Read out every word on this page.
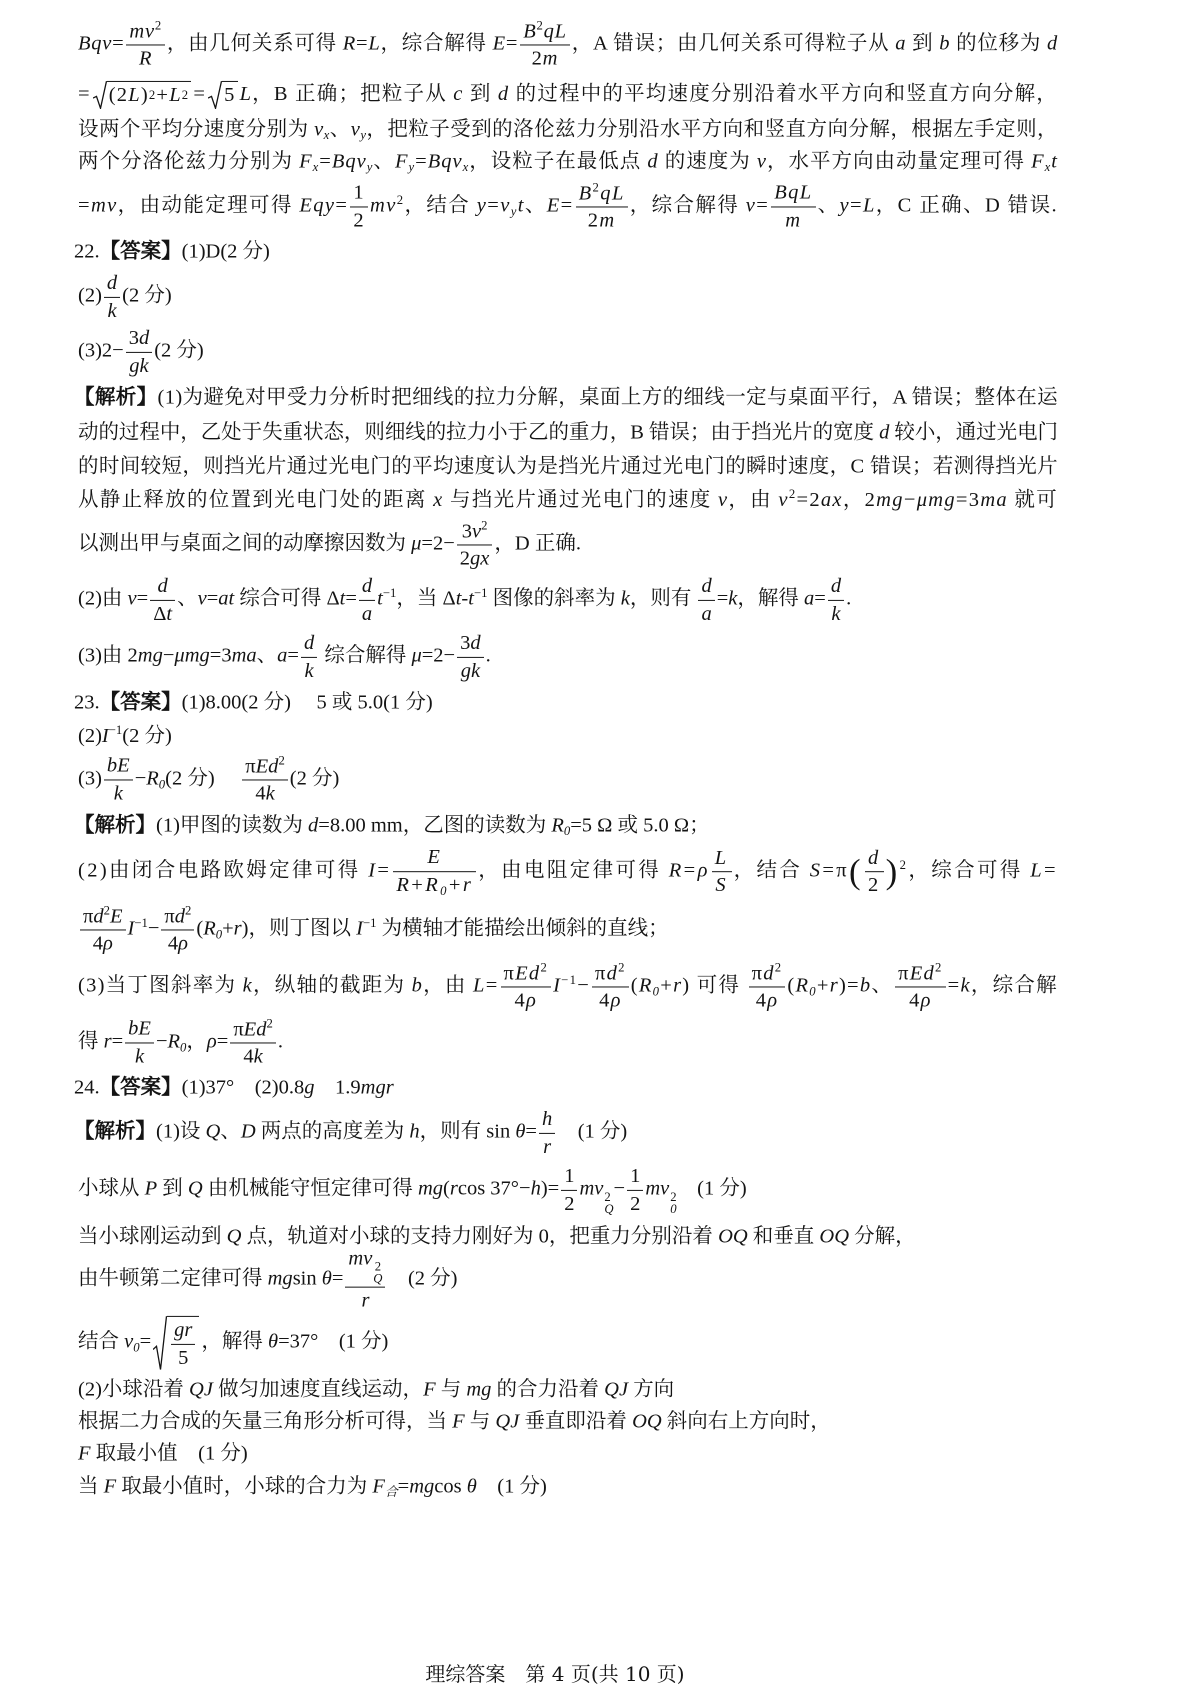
理综答案　第 4 页(共 10 页)
$Bqv= \frac{mv^2}{R}$ ，由几何关系可得 R=L，综合解得 $E= \frac{B^2qL}{2m}$ ，A 错误；由几何关系可得粒子从 a 到 b 的位移为 d
= (2 L ) 2 + L 2 = 5 L，B 正确；把粒子从 c 到 d 的过程中的平均速度分别沿着水平方向和竖直方向分解，
设两个平均分速度分别为 $v_x$、$v_y$，把粒子受到的洛伦兹力分别沿水平方向和竖直方向分解，根据左手定则，
两个分洛伦兹力分别为 $F_x=Bqv_y$、$F_y=Bqv_x$，设粒子在最低点 d 的速度为 v，水平方向由动量定理可得 $F_xt$
=mv，由动能定理可得 $Eqy= \frac{1}{2} mv^2$，结合 $y=v_yt$、$E= \frac{B^2qL}{2m}$ ，综合解得 $v= \frac{\text{BqL}}{m}$ 、y=L，C 正确、D 错误.
22.【答案】(1)D(2 分)
$(2) \frac{d}{k} (2$ 分)
$(3)2- \frac{3d}{gk} (2$ 分)
【解析】(1)为避免对甲受力分析时把细线的拉力分解，桌面上方的细线一定与桌面平行，A 错误；整体在运
动的过程中，乙处于失重状态，则细线的拉力小于乙的重力，B 错误；由于挡光片的宽度 d 较小，通过光电门
的时间较短，则挡光片通过光电门的平均速度认为是挡光片通过光电门的瞬时速度，C 错误；若测得挡光片
从静止释放的位置到光电门处的距离 x 与挡光片通过光电门的速度 v，由 $v^2=2ax$，2mg−μmg=3ma 就可
以测出甲与桌面之间的动摩擦因数为 $\mu=2- \frac{3v^2}{2gx}$ ，D 正确.
(2)由 $v= \frac{d}{\Delta t}$ 、v=at 综合可得 $\Delta t= \frac{d}{a} t^{-1}$，当 $\Delta t-t^{-1}$ 图像的斜率为 k，则有 $\frac{d}{a} =k$，解得 $a= \frac{d}{k}$ .
(3)由 2mg−μmg=3ma、$a= \frac{d}{k}$ 综合解得 $\mu=2- \frac{3d}{gk}$ .
23.【答案】(1)8.00(2 分)　 5 或 5.0(1 分)
$(2)I^{-1}(2$ 分)
$(3) \frac{bE}{k} -R_0(2$ 分)　 $\frac{\pi Ed^2}{4k} (2$ 分)
【解析】(1)甲图的读数为 d=8.00 mm，乙图的读数为 $R_0=5$ Ω 或 5.0 Ω；
(2)由闭合电路欧姆定律可得 $I= \frac{E}{R+R_0+r}$ ，由电阻定律可得 $R=\rho \frac{L}{S}$ ，结合 $S=\pi( \frac{d}{2} )^2$，综合可得 L=
$\frac{\pi d^2E}{4\rho} I^{-1}- \frac{\pi d^2}{4\rho} (R_0+r)$，则丁图以 $I^{-1}$ 为横轴才能描绘出倾斜的直线；
(3)当丁图斜率为 k，纵轴的截距为 b，由 $L= \frac{\pi Ed^2}{4\rho} I^{-1}- \frac{\pi d^2}{4\rho} (R_0+r)$ 可得 $\frac{\pi d^2}{4\rho} (R_0+r)=b$、 $\frac{\pi Ed^2}{4\rho} =k$，综合解
得 $r= \frac{bE}{k} -R_0$，$\rho= \frac{\pi Ed^2}{4k}$ .
24.【答案】(1)37°　(2)0.8g　1.9mgr
【解析】(1)设 Q、D 两点的高度差为 h，则有 $\sin \theta= \frac{h}{r}$ 　(1 分)
小球从 P 到 Q 由机械能守恒定律可得 mg(rcos $37^\circ-h)= \frac{1}{2}$ mv 2
Q
− $\frac{1}{2}$ mv 2
0
　(1 分)
当小球刚运动到 Q 点，轨道对小球的支持力刚好为 0，把重力分别沿着 OQ 和垂直 OQ 分解，
由牛顿第二定律可得 mgsin θ= mv 2
Q
r 　(2 分)
结合 $v_0= \frac{gr}{5}$ ，解得 θ=37°　(1 分)
(2)小球沿着 QJ 做匀加速度直线运动，F 与 mg 的合力沿着 QJ 方向
根据二力合成的矢量三角形分析可得，当 F 与 QJ 垂直即沿着 OQ 斜向右上方向时，
F 取最小值　(1 分)
当 F 取最小值时，小球的合力为 $F_合=mgcos$ θ　(1 分)
